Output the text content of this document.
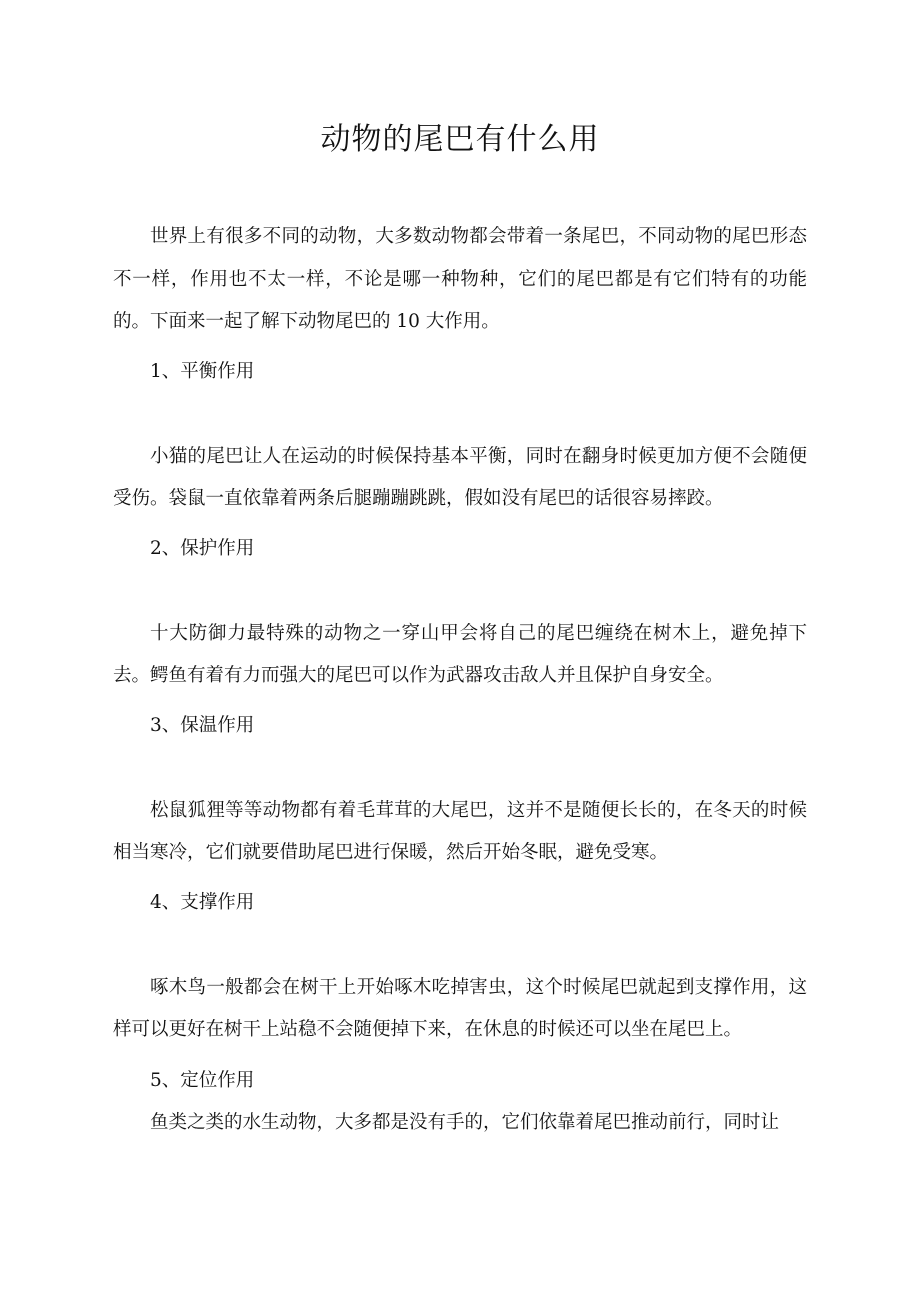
动物的尾巴有什么用

世界上有很多不同的动物，大多数动物都会带着一条尾巴，不同动物的尾巴形态不一样，作用也不太一样，不论是哪一种物种，它们的尾巴都是有它们特有的功能的。下面来一起了解下动物尾巴的 10 大作用。

1、平衡作用

小猫的尾巴让人在运动的时候保持基本平衡，同时在翻身时候更加方便不会随便受伤。袋鼠一直依靠着两条后腿蹦蹦跳跳，假如没有尾巴的话很容易摔跤。

2、保护作用

十大防御力最特殊的动物之一穿山甲会将自己的尾巴缠绕在树木上，避免掉下去。鳄鱼有着有力而强大的尾巴可以作为武器攻击敌人并且保护自身安全。

3、保温作用

松鼠狐狸等等动物都有着毛茸茸的大尾巴，这并不是随便长长的，在冬天的时候相当寒冷，它们就要借助尾巴进行保暖，然后开始冬眠，避免受寒。

4、支撑作用

啄木鸟一般都会在树干上开始啄木吃掉害虫，这个时候尾巴就起到支撑作用，这样可以更好在树干上站稳不会随便掉下来，在休息的时候还可以坐在尾巴上。

5、定位作用

鱼类之类的水生动物，大多都是没有手的，它们依靠着尾巴推动前行，同时让
